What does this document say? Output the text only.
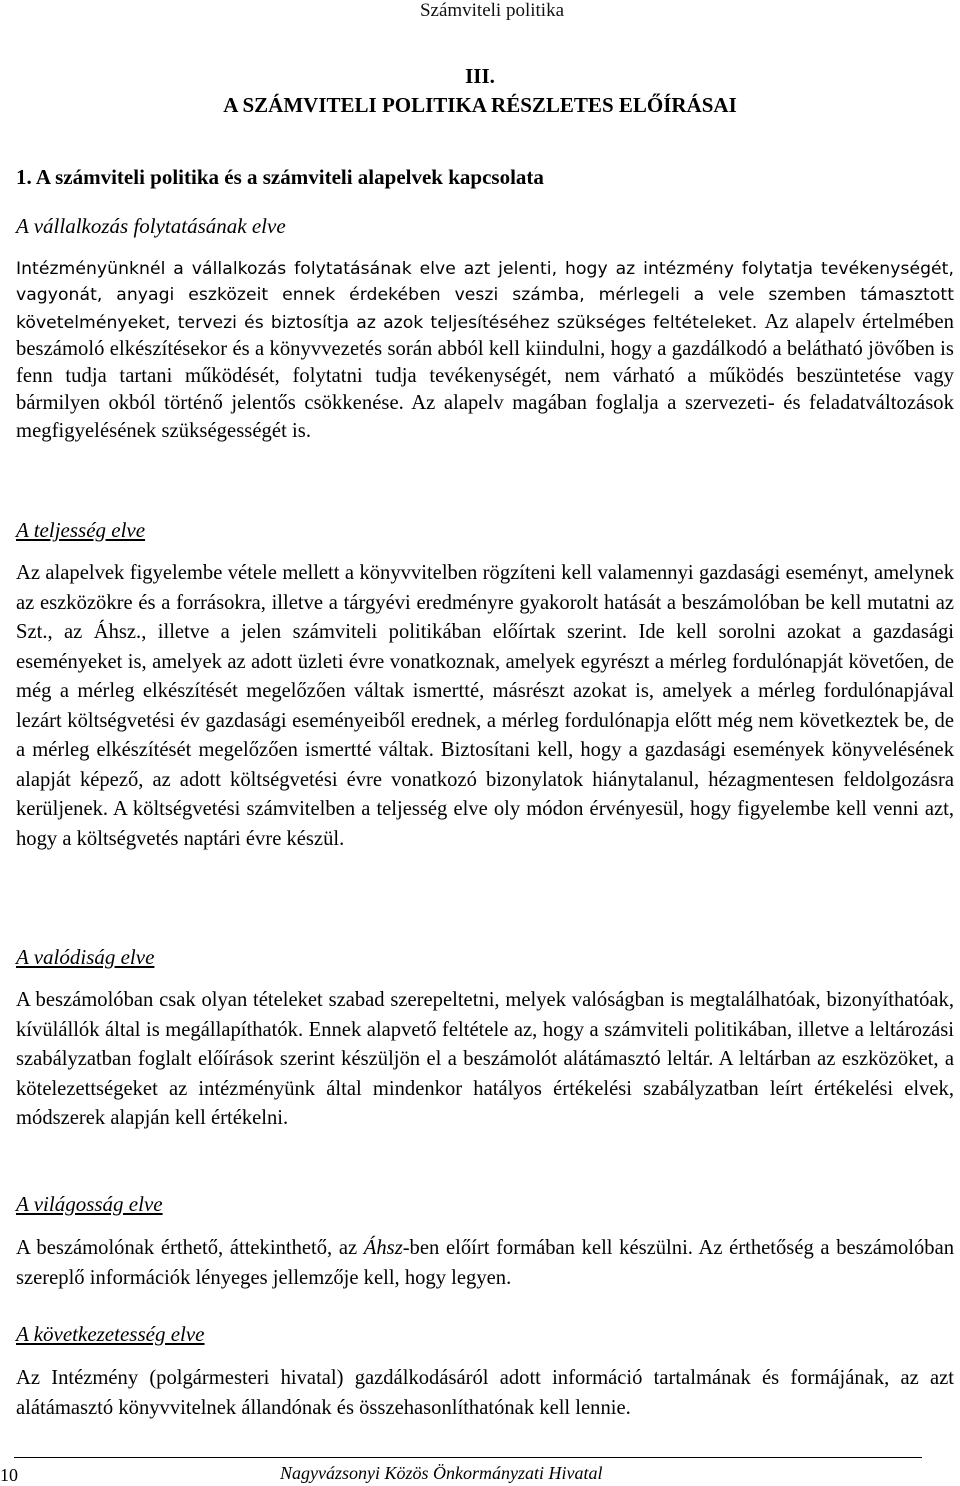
Számviteli politika
III.
A SZÁMVITELI POLITIKA RÉSZLETES ELŐÍRÁSAI
1. A számviteli politika és a számviteli alapelvek kapcsolata
A vállalkozás folytatásának elve
Intézményünknél a vállalkozás folytatásának elve azt jelenti, hogy az intézmény folytatja tevékenységét, vagyonát, anyagi eszközeit ennek érdekében veszi számba, mérlegeli a vele szemben támasztott követelményeket, tervezi és biztosítja az azok teljesítéséhez szükséges feltételeket. Az alapelv értelmében beszámoló elkészítésekor és a könyvvezetés során abból kell kiindulni, hogy a gazdálkodó a belátható jövőben is fenn tudja tartani működését, folytatni tudja tevékenységét, nem várható a működés beszüntetése vagy bármilyen okból történő jelentős csökkenése. Az alapelv magában foglalja a szervezeti- és feladatváltozások megfigyelésének szükségességét is.
A teljesség elve
Az alapelvek figyelembe vétele mellett a könyvvitelben rögzíteni kell valamennyi gazdasági eseményt, amelynek az eszközökre és a forrásokra, illetve a tárgyévi eredményre gyakorolt hatását a beszámolóban be kell mutatni az Szt., az Áhsz., illetve a jelen számviteli politikában előírtak szerint. Ide kell sorolni azokat a gazdasági eseményeket is, amelyek az adott üzleti évre vonatkoznak, amelyek egyrészt a mérleg fordulónapját követően, de még a mérleg elkészítését megelőzően váltak ismertté, másrészt azokat is, amelyek a mérleg fordulónapjával lezárt költségvetési év gazdasági eseményeiből erednek, a mérleg fordulónapja előtt még nem következtek be, de a mérleg elkészítését megelőzően ismertté váltak. Biztosítani kell, hogy a gazdasági események könyvelésének alapját képező, az adott költségvetési évre vonatkozó bizonylatok hiánytalanul, hézagmentesen feldolgozásra kerüljenek. A költségvetési számvitelben a teljesség elve oly módon érvényesül, hogy figyelembe kell venni azt, hogy a költségvetés naptári évre készül.
A valódiság elve
A beszámolóban csak olyan tételeket szabad szerepeltetni, melyek valóságban is megtalálhatóak, bizonyíthatóak, kívülállók által is megállapíthatók. Ennek alapvető feltétele az, hogy a számviteli politikában, illetve a leltározási szabályzatban foglalt előírások szerint készüljön el a beszámolót alátámasztó leltár. A leltárban az eszközöket, a kötelezettségeket az intézményünk által mindenkor hatályos értékelési szabályzatban leírt értékelési elvek, módszerek alapján kell értékelni.
A világosság elve
A beszámolónak érthető, áttekinthető, az Áhsz-ben előírt formában kell készülni. Az érthetőség a beszámolóban szereplő információk lényeges jellemzője kell, hogy legyen.
A következetesség elve
Az Intézmény (polgármesteri hivatal) gazdálkodásáról adott információ tartalmának és formájának, az azt alátámasztó könyvvitelnek állandónak és összehasonlíthatónak kell lennie.
10	Nagyvázsonyi Közös Önkormányzati Hivatal
